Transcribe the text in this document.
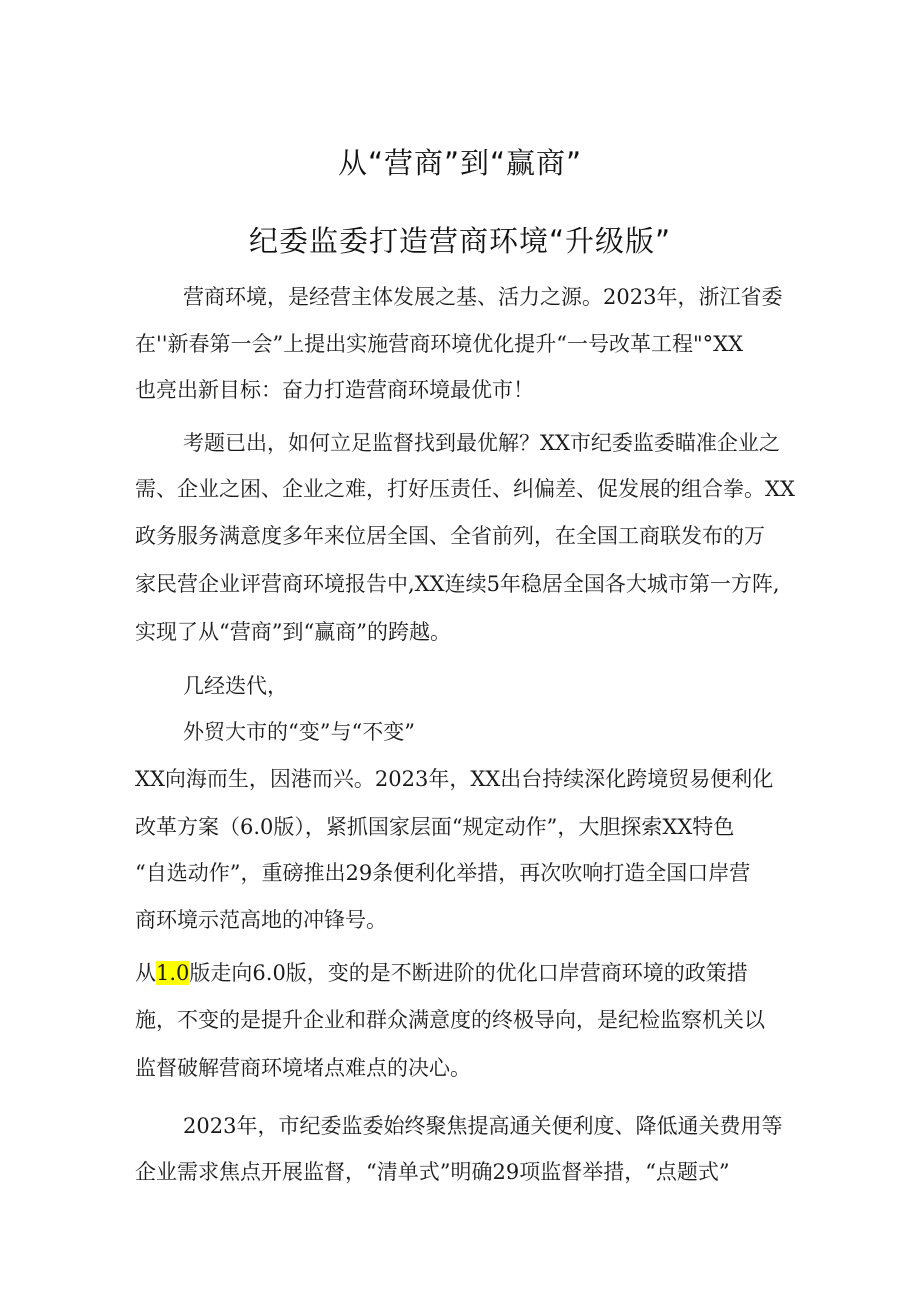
从“营商”到“赢商”
纪委监委打造营商环境“升级版”
营商环境，是经营主体发展之基、活力之源。2023年，浙江省委
在''新春第一会”上提出实施营商环境优化提升“一号改革工程"°XX
也亮出新目标：奋力打造营商环境最优市！
考题已出，如何立足监督找到最优解？XX市纪委监委瞄准企业之
需、企业之困、企业之难，打好压责任、纠偏差、促发展的组合拳。XX
政务服务满意度多年来位居全国、全省前列，在全国工商联发布的万
家民营企业评营商环境报告中,XX连续5年稳居全国各大城市第一方阵,
实现了从“营商”到“赢商”的跨越。
几经迭代，
外贸大市的“变”与“不变”
XX向海而生，因港而兴。2023年，XX出台持续深化跨境贸易便利化
改革方案（6.0版），紧抓国家层面“规定动作”，大胆探索XX特色
“自选动作”，重磅推出29条便利化举措，再次吹响打造全国口岸营
商环境示范高地的冲锋号。
从1.0版走向6.0版，变的是不断进阶的优化口岸营商环境的政策措
施，不变的是提升企业和群众满意度的终极导向，是纪检监察机关以
监督破解营商环境堵点难点的决心。
2023年，市纪委监委始终聚焦提高通关便利度、降低通关费用等
企业需求焦点开展监督，“清单式”明确29项监督举措，“点题式”
